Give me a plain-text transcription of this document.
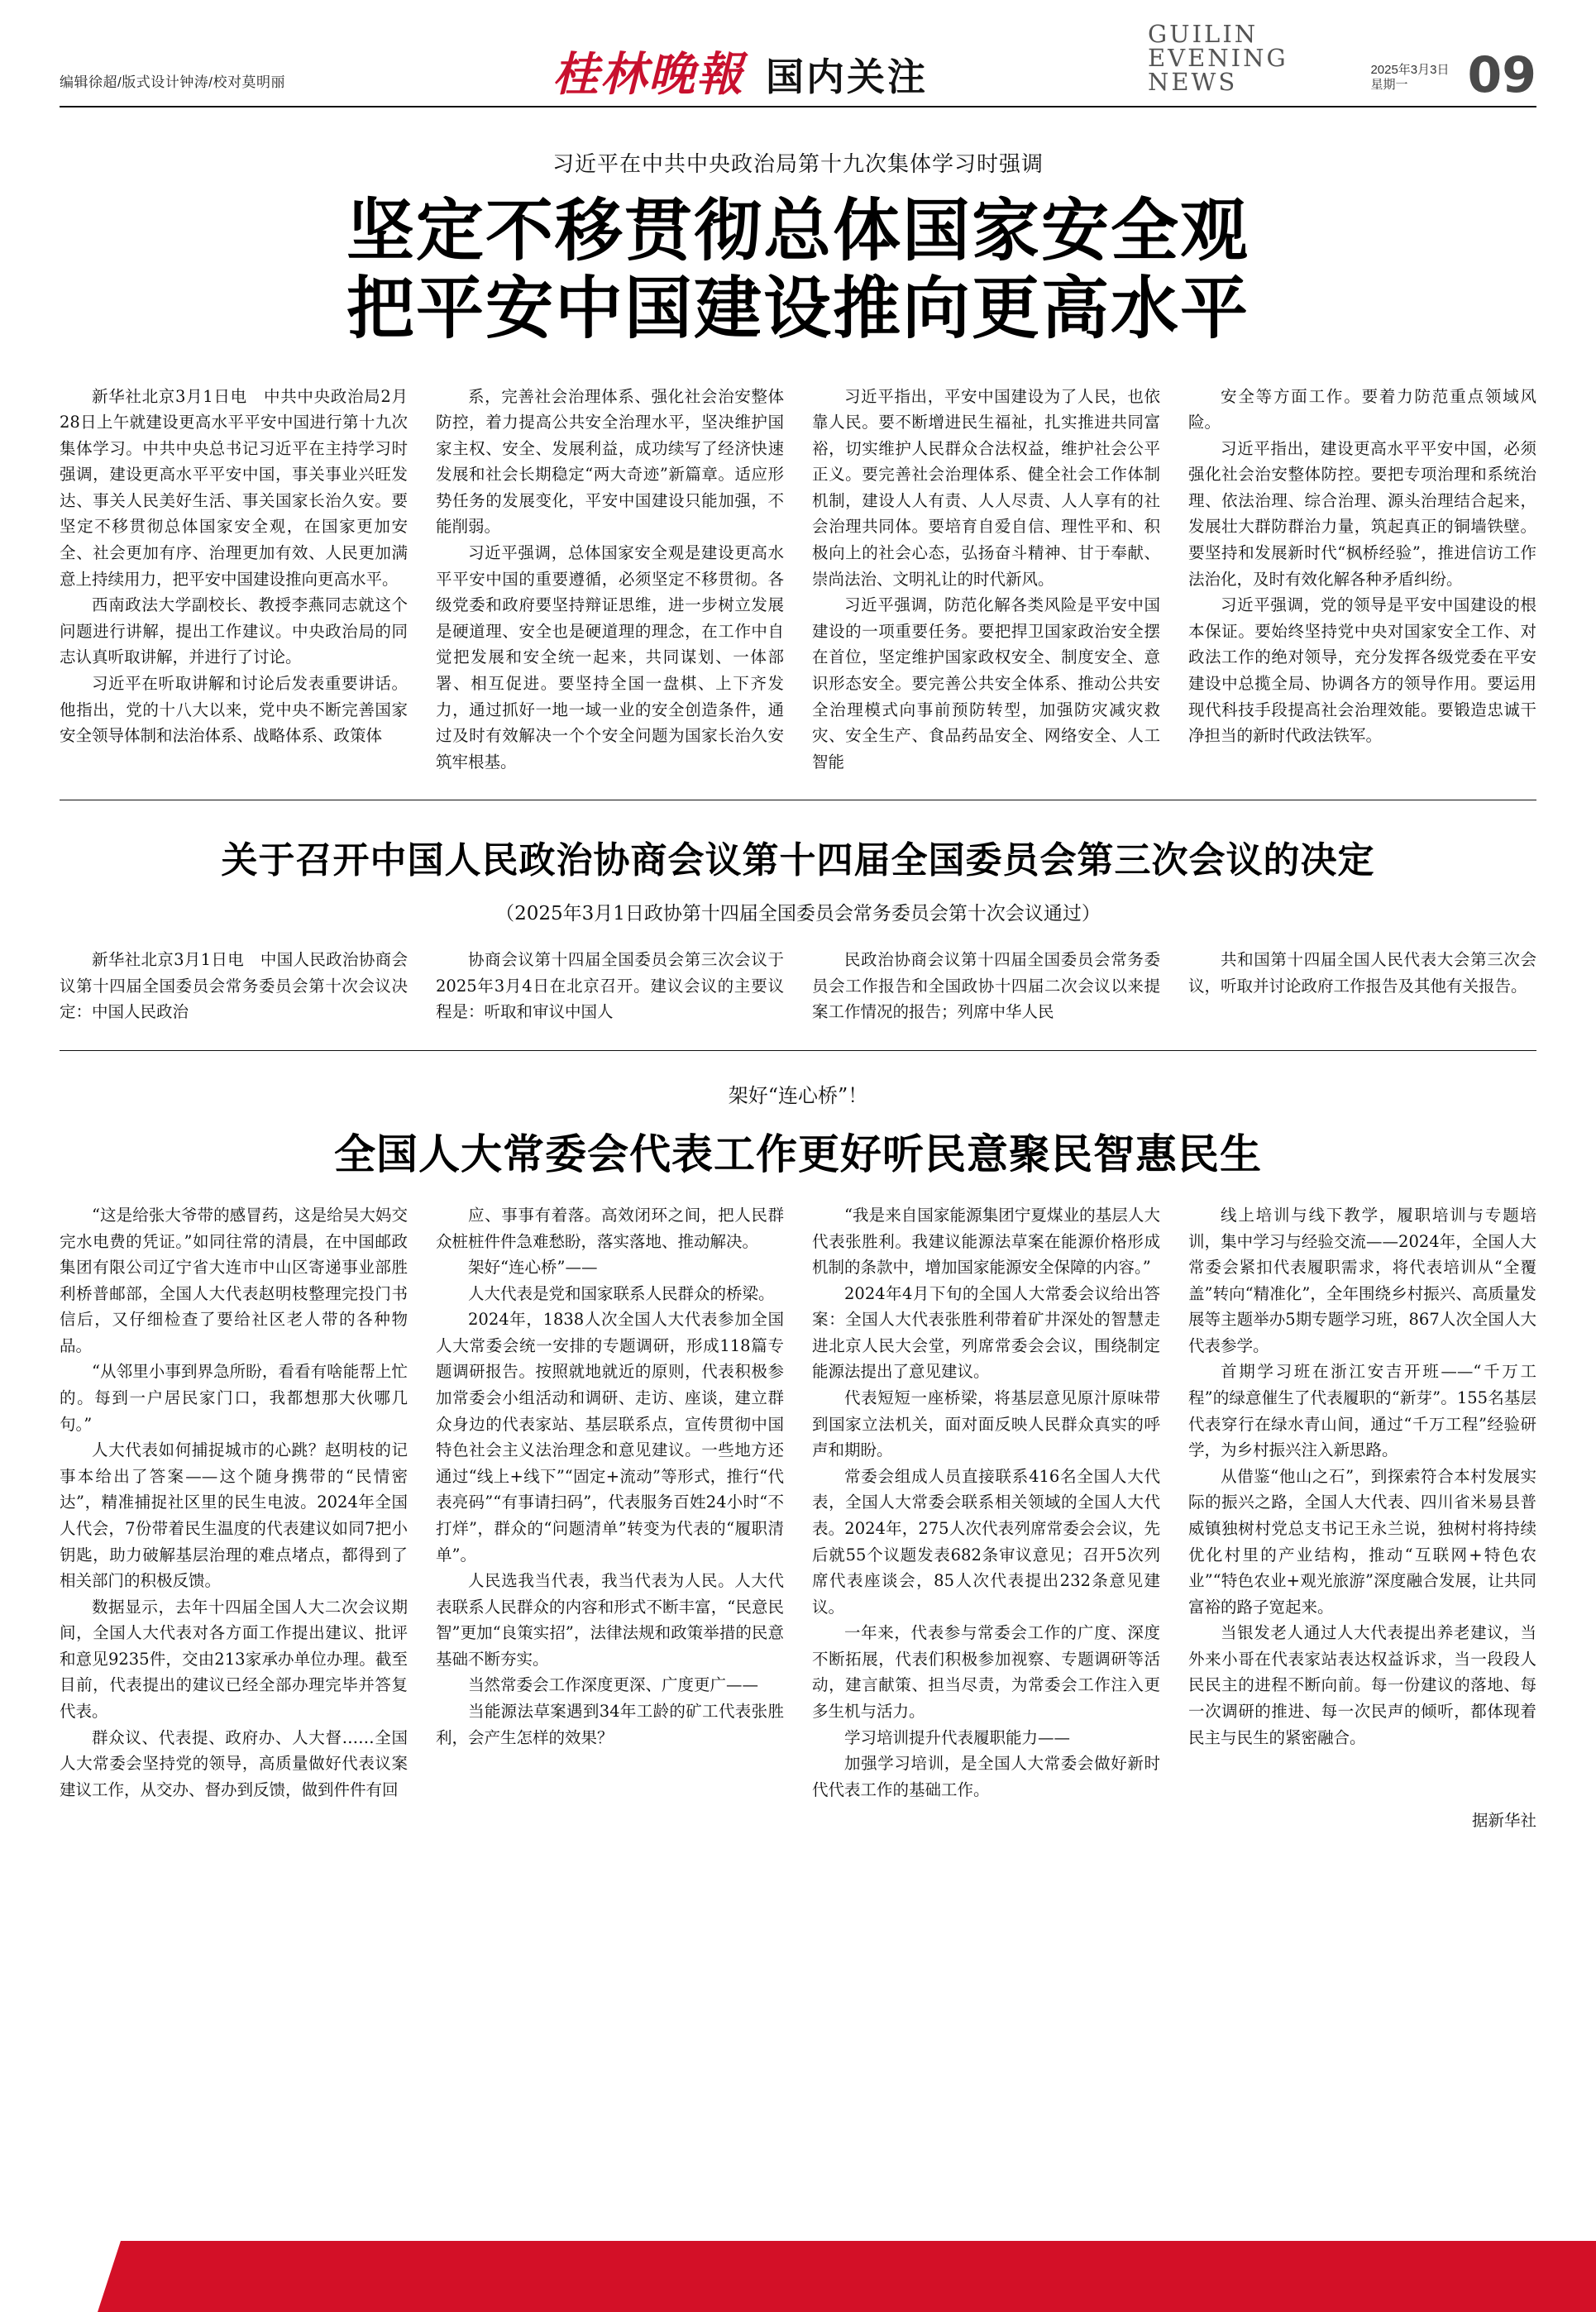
编辑徐超/版式设计钟涛/校对莫明丽	桂林晚報 国内关注
GUILIN EVENING NEWS	2025年3月3日
星期一	09
习近平在中共中央政治局第十九次集体学习时强调
坚定不移贯彻总体国家安全观
把平安中国建设推向更高水平

新华社北京3月1日电　中共中央政治局2月28日上午就建设更高水平平安中国进行第十九次集体学习。中共中央总书记习近平在主持学习时强调，建设更高水平平安中国，事关事业兴旺发达、事关人民美好生活、事关国家长治久安。要坚定不移贯彻总体国家安全观，在国家更加安全、社会更加有序、治理更加有效、人民更加满意上持续用力，把平安中国建设推向更高水平。

西南政法大学副校长、教授李燕同志就这个问题进行讲解，提出工作建议。中央政治局的同志认真听取讲解，并进行了讨论。

习近平在听取讲解和讨论后发表重要讲话。他指出，党的十八大以来，党中央不断完善国家安全领导体制和法治体系、战略体系、政策体

系，完善社会治理体系、强化社会治安整体防控，着力提高公共安全治理水平，坚决维护国家主权、安全、发展利益，成功续写了经济快速发展和社会长期稳定“两大奇迹”新篇章。适应形势任务的发展变化，平安中国建设只能加强，不能削弱。

习近平强调，总体国家安全观是建设更高水平平安中国的重要遵循，必须坚定不移贯彻。各级党委和政府要坚持辩证思维，进一步树立发展是硬道理、安全也是硬道理的理念，在工作中自觉把发展和安全统一起来，共同谋划、一体部署、相互促进。要坚持全国一盘棋、上下齐发力，通过抓好一地一域一业的安全创造条件，通过及时有效解决一个个安全问题为国家长治久安筑牢根基。

习近平指出，平安中国建设为了人民，也依靠人民。要不断增进民生福祉，扎实推进共同富裕，切实维护人民群众合法权益，维护社会公平正义。要完善社会治理体系、健全社会工作体制机制，建设人人有责、人人尽责、人人享有的社会治理共同体。要培育自爱自信、理性平和、积极向上的社会心态，弘扬奋斗精神、甘于奉献、崇尚法治、文明礼让的时代新风。

习近平强调，防范化解各类风险是平安中国建设的一项重要任务。要把捍卫国家政治安全摆在首位，坚定维护国家政权安全、制度安全、意识形态安全。要完善公共安全体系、推动公共安全治理模式向事前预防转型，加强防灾减灾救灾、安全生产、食品药品安全、网络安全、人工智能

安全等方面工作。要着力防范重点领域风险。

习近平指出，建设更高水平平安中国，必须强化社会治安整体防控。要把专项治理和系统治理、依法治理、综合治理、源头治理结合起来，发展壮大群防群治力量，筑起真正的铜墙铁壁。要坚持和发展新时代“枫桥经验”，推进信访工作法治化，及时有效化解各种矛盾纠纷。

习近平强调，党的领导是平安中国建设的根本保证。要始终坚持党中央对国家安全工作、对政法工作的绝对领导，充分发挥各级党委在平安建设中总揽全局、协调各方的领导作用。要运用现代科技手段提高社会治理效能。要锻造忠诚干净担当的新时代政法铁军。

关于召开中国人民政治协商会议第十四届全国委员会第三次会议的决定
（2025年3月1日政协第十四届全国委员会常务委员会第十次会议通过）

新华社北京3月1日电　中国人民政治协商会议第十四届全国委员会常务委员会第十次会议决定：中国人民政治

协商会议第十四届全国委员会第三次会议于2025年3月4日在北京召开。建议会议的主要议程是：听取和审议中国人

民政治协商会议第十四届全国委员会常务委员会工作报告和全国政协十四届二次会议以来提案工作情况的报告；列席中华人民

共和国第十四届全国人民代表大会第三次会议，听取并讨论政府工作报告及其他有关报告。

架好“连心桥”！
全国人大常委会代表工作更好听民意聚民智惠民生

“这是给张大爷带的感冒药，这是给吴大妈交完水电费的凭证。”如同往常的清晨，在中国邮政集团有限公司辽宁省大连市中山区寄递事业部胜利桥普邮部，全国人大代表赵明枝整理完投门书信后，又仔细检查了要给社区老人带的各种物品。

“从邻里小事到界急所盼，看看有啥能帮上忙的。每到一户居民家门口，我都想那大伙哪几句。”

人大代表如何捕捉城市的心跳？赵明枝的记事本给出了答案——这个随身携带的“民情密达”，精准捕捉社区里的民生电波。2024年全国人代会，7份带着民生温度的代表建议如同7把小钥匙，助力破解基层治理的难点堵点，都得到了相关部门的积极反馈。

数据显示，去年十四届全国人大二次会议期间，全国人大代表对各方面工作提出建议、批评和意见9235件，交由213家承办单位办理。截至目前，代表提出的建议已经全部办理完毕并答复代表。

群众议、代表提、政府办、人大督……全国人大常委会坚持党的领导，高质量做好代表议案建议工作，从交办、督办到反馈，做到件件有回

应、事事有着落。高效闭环之间，把人民群众桩桩件件急难愁盼，落实落地、推动解决。

架好“连心桥”——

人大代表是党和国家联系人民群众的桥梁。

2024年，1838人次全国人大代表参加全国人大常委会统一安排的专题调研，形成118篇专题调研报告。按照就地就近的原则，代表积极参加常委会小组活动和调研、走访、座谈，建立群众身边的代表家站、基层联系点，宣传贯彻中国特色社会主义法治理念和意见建议。一些地方还通过“线上+线下”“固定+流动”等形式，推行“代表亮码”“有事请扫码”，代表服务百姓24小时“不打烊”，群众的“问题清单”转变为代表的“履职清单”。

人民选我当代表，我当代表为人民。人大代表联系人民群众的内容和形式不断丰富，“民意民智”更加“良策实招”，法律法规和政策举措的民意基础不断夯实。

当然常委会工作深度更深、广度更广——

当能源法草案遇到34年工龄的矿工代表张胜利，会产生怎样的效果？

“我是来自国家能源集团宁夏煤业的基层人大代表张胜利。我建议能源法草案在能源价格形成机制的条款中，增加国家能源安全保障的内容。”

2024年4月下旬的全国人大常委会议给出答案：全国人大代表张胜利带着矿井深处的智慧走进北京人民大会堂，列席常委会会议，围绕制定能源法提出了意见建议。

代表短短一座桥梁，将基层意见原汁原味带到国家立法机关，面对面反映人民群众真实的呼声和期盼。

常委会组成人员直接联系416名全国人大代表，全国人大常委会联系相关领域的全国人大代表。2024年，275人次代表列席常委会会议，先后就55个议题发表682条审议意见；召开5次列席代表座谈会，85人次代表提出232条意见建议。

一年来，代表参与常委会工作的广度、深度不断拓展，代表们积极参加视察、专题调研等活动，建言献策、担当尽责，为常委会工作注入更多生机与活力。

学习培训提升代表履职能力——

加强学习培训，是全国人大常委会做好新时代代表工作的基础工作。

线上培训与线下教学，履职培训与专题培训，集中学习与经验交流——2024年，全国人大常委会紧扣代表履职需求，将代表培训从“全覆盖”转向“精准化”，全年围绕乡村振兴、高质量发展等主题举办5期专题学习班，867人次全国人大代表参学。

首期学习班在浙江安吉开班——“千万工程”的绿意催生了代表履职的“新芽”。155名基层代表穿行在绿水青山间，通过“千万工程”经验研学，为乡村振兴注入新思路。

从借鉴“他山之石”，到探索符合本村发展实际的振兴之路，全国人大代表、四川省米易县普威镇独树村党总支书记王永兰说，独树村将持续优化村里的产业结构，推动“互联网+特色农业”“特色农业+观光旅游”深度融合发展，让共同富裕的路子宽起来。

当银发老人通过人大代表提出养老建议，当外来小哥在代表家站表达权益诉求，当一段段人民民主的进程不断向前。每一份建议的落地、每一次调研的推进、每一次民声的倾听，都体现着民主与民生的紧密融合。

据新华社
